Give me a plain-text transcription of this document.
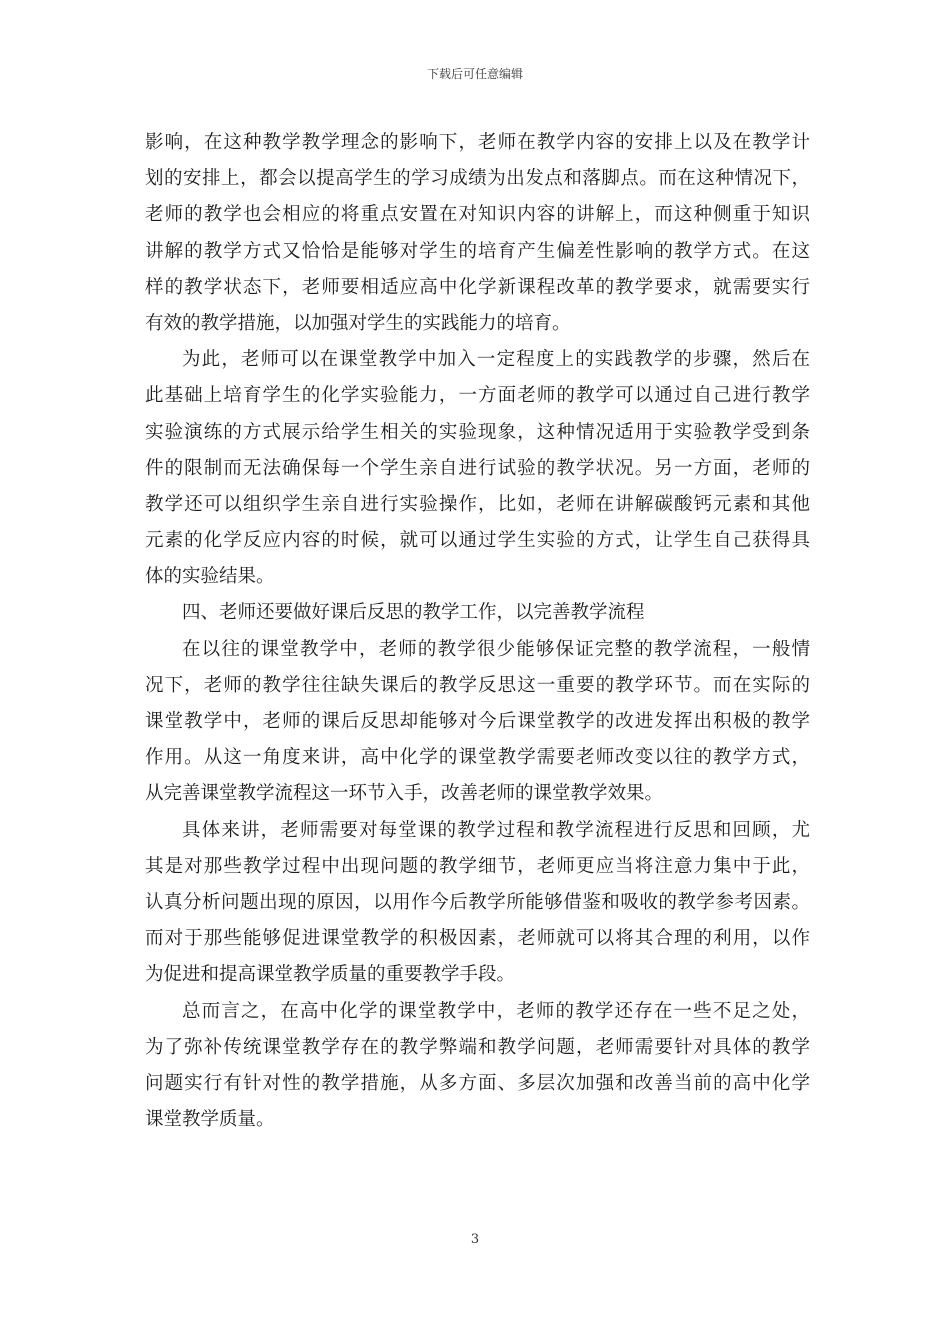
下载后可任意编辑
影响，在这种教学教学理念的影响下，老师在教学内容的安排上以及在教学计
划的安排上，都会以提高学生的学习成绩为出发点和落脚点。而在这种情况下，
老师的教学也会相应的将重点安置在对知识内容的讲解上，而这种侧重于知识
讲解的教学方式又恰恰是能够对学生的培育产生偏差性影响的教学方式。在这
样的教学状态下，老师要相适应高中化学新课程改革的教学要求，就需要实行
有效的教学措施，以加强对学生的实践能力的培育。
为此，老师可以在课堂教学中加入一定程度上的实践教学的步骤，然后在
此基础上培育学生的化学实验能力，一方面老师的教学可以通过自己进行教学
实验演练的方式展示给学生相关的实验现象，这种情况适用于实验教学受到条
件的限制而无法确保每一个学生亲自进行试验的教学状况。另一方面，老师的
教学还可以组织学生亲自进行实验操作，比如，老师在讲解碳酸钙元素和其他
元素的化学反应内容的时候，就可以通过学生实验的方式，让学生自己获得具
体的实验结果。
四、老师还要做好课后反思的教学工作，以完善教学流程
在以往的课堂教学中，老师的教学很少能够保证完整的教学流程，一般情
况下，老师的教学往往缺失课后的教学反思这一重要的教学环节。而在实际的
课堂教学中，老师的课后反思却能够对今后课堂教学的改进发挥出积极的教学
作用。从这一角度来讲，高中化学的课堂教学需要老师改变以往的教学方式，
从完善课堂教学流程这一环节入手，改善老师的课堂教学效果。
具体来讲，老师需要对每堂课的教学过程和教学流程进行反思和回顾，尤
其是对那些教学过程中出现问题的教学细节，老师更应当将注意力集中于此，
认真分析问题出现的原因，以用作今后教学所能够借鉴和吸收的教学参考因素。
而对于那些能够促进课堂教学的积极因素，老师就可以将其合理的利用，以作
为促进和提高课堂教学质量的重要教学手段。
总而言之，在高中化学的课堂教学中，老师的教学还存在一些不足之处，
为了弥补传统课堂教学存在的教学弊端和教学问题，老师需要针对具体的教学
问题实行有针对性的教学措施，从多方面、多层次加强和改善当前的高中化学
课堂教学质量。
3
